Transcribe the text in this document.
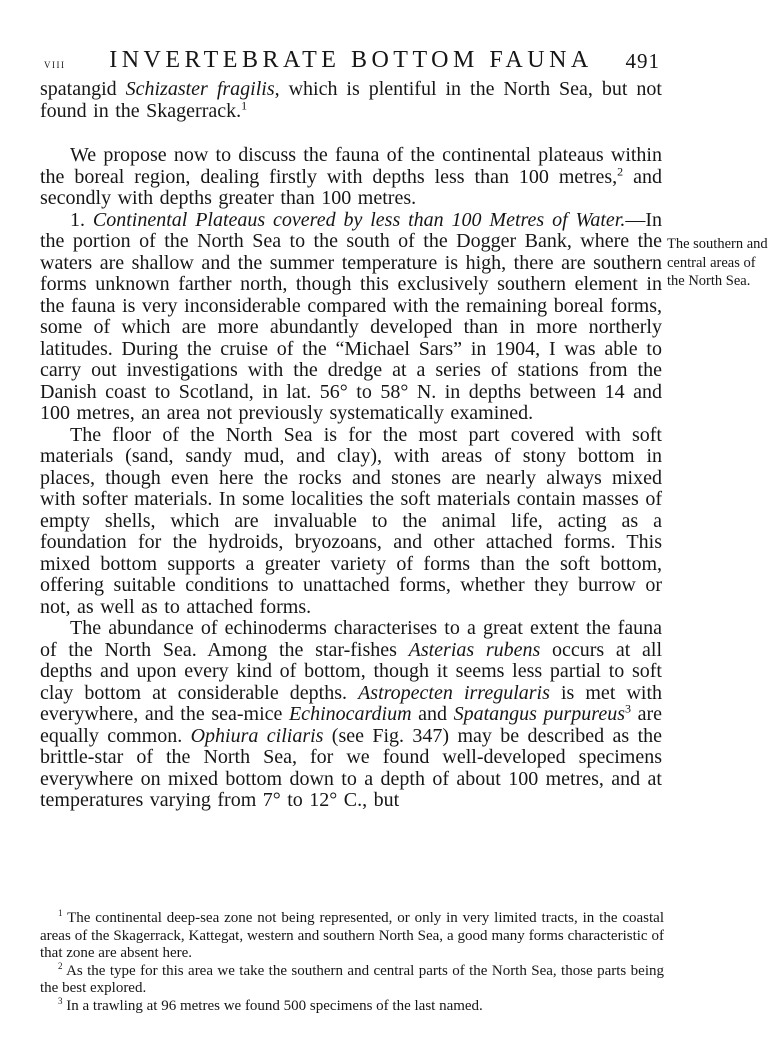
viii	INVERTEBRATE BOTTOM FAUNA	491

spatangid Schizaster fragilis, which is plentiful in the North Sea, but not found in the Skagerrack.$^1$

We propose now to discuss the fauna of the continental plateaus within the boreal region, dealing firstly with depths less than 100 metres,$^2$ and secondly with depths greater than 100 metres.

1. Continental Plateaus covered by less than 100 Metres of Water.—In the portion of the North Sea to the south of the Dogger Bank, where the waters are shallow and the summer temperature is high, there are southern forms unknown farther north, though this exclusively southern element in the fauna is very inconsiderable compared with the remaining boreal forms, some of which are more abundantly developed than in more northerly latitudes. During the cruise of the “Michael Sars” in 1904, I was able to carry out investigations with the dredge at a series of stations from the Danish coast to Scotland, in lat. 56° to 58° N. in depths between 14 and 100 metres, an area not previously systematically examined.

The floor of the North Sea is for the most part covered with soft materials (sand, sandy mud, and clay), with areas of stony bottom in places, though even here the rocks and stones are nearly always mixed with softer materials. In some localities the soft materials contain masses of empty shells, which are invaluable to the animal life, acting as a foundation for the hydroids, bryozoans, and other attached forms. This mixed bottom supports a greater variety of forms than the soft bottom, offering suitable conditions to unattached forms, whether they burrow or not, as well as to attached forms.

The abundance of echinoderms characterises to a great extent the fauna of the North Sea. Among the star-fishes Asterias rubens occurs at all depths and upon every kind of bottom, though it seems less partial to soft clay bottom at considerable depths. Astropecten irregularis is met with everywhere, and the sea-mice Echinocardium and Spatangus purpureus$^3$ are equally common. Ophiura ciliaris (see Fig. 347) may be described as the brittle-star of the North Sea, for we found well-developed specimens everywhere on mixed bottom down to a depth of about 100 metres, and at temperatures varying from 7° to 12° C., but

The southern and central areas of the North Sea.

$^1$ The continental deep-sea zone not being represented, or only in very limited tracts, in the coastal areas of the Skagerrack, Kattegat, western and southern North Sea, a good many forms characteristic of that zone are absent here.

$^2$ As the type for this area we take the southern and central parts of the North Sea, those parts being the best explored.

$^3$ In a trawling at 96 metres we found 500 specimens of the last named.
